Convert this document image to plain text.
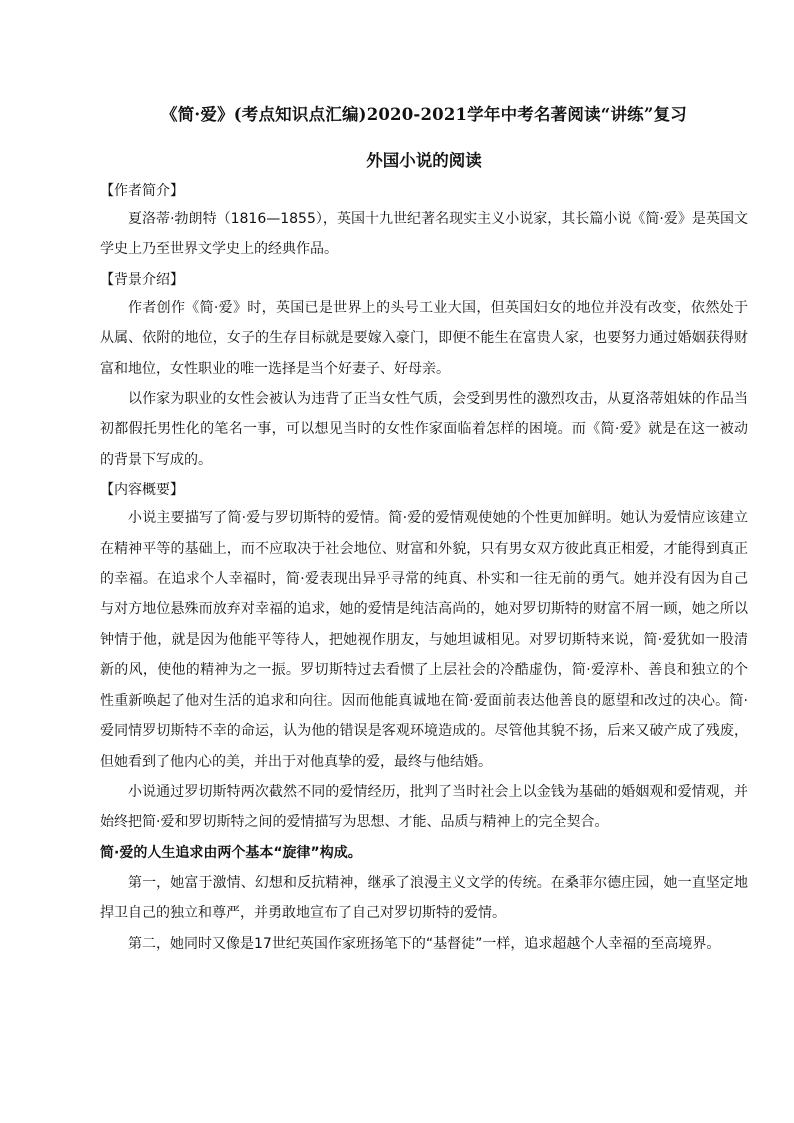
《简·爱》(考点知识点汇编)2020-2021学年中考名著阅读“讲练”复习
外国小说的阅读

【作者简介】

夏洛蒂·勃朗特（1816—1855），英国十九世纪著名现实主义小说家，其长篇小说《简·爱》是英国文学史上乃至世界文学史上的经典作品。

【背景介绍】

作者创作《简·爱》时，英国已是世界上的头号工业大国，但英国妇女的地位并没有改变，依然处于从属、依附的地位，女子的生存目标就是要嫁入豪门，即便不能生在富贵人家，也要努力通过婚姻获得财富和地位，女性职业的唯一选择是当个好妻子、好母亲。

以作家为职业的女性会被认为违背了正当女性气质，会受到男性的激烈攻击，从夏洛蒂姐妹的作品当初都假托男性化的笔名一事，可以想见当时的女性作家面临着怎样的困境。而《简·爱》就是在这一被动的背景下写成的。

【内容概要】

小说主要描写了简·爱与罗切斯特的爱情。简·爱的爱情观使她的个性更加鲜明。她认为爱情应该建立在精神平等的基础上，而不应取决于社会地位、财富和外貌，只有男女双方彼此真正相爱，才能得到真正的幸福。在追求个人幸福时，简·爱表现出异乎寻常的纯真、朴实和一往无前的勇气。她并没有因为自己与对方地位悬殊而放弃对幸福的追求，她的爱情是纯洁高尚的，她对罗切斯特的财富不屑一顾，她之所以钟情于他，就是因为他能平等待人，把她视作朋友，与她坦诚相见。对罗切斯特来说，简·爱犹如一股清新的风，使他的精神为之一振。罗切斯特过去看惯了上层社会的冷酷虚伪，简·爱淳朴、善良和独立的个性重新唤起了他对生活的追求和向往。因而他能真诚地在简·爱面前表达他善良的愿望和改过的决心。简·爱同情罗切斯特不幸的命运，认为他的错误是客观环境造成的。尽管他其貌不扬，后来又破产成了残废，但她看到了他内心的美，并出于对他真挚的爱，最终与他结婚。

小说通过罗切斯特两次截然不同的爱情经历，批判了当时社会上以金钱为基础的婚姻观和爱情观，并始终把简·爱和罗切斯特之间的爱情描写为思想、才能、品质与精神上的完全契合。

简·爱的人生追求由两个基本“旋律”构成。

第一，她富于激情、幻想和反抗精神，继承了浪漫主义文学的传统。在桑菲尔德庄园，她一直坚定地捍卫自己的独立和尊严，并勇敢地宣布了自己对罗切斯特的爱情。

第二，她同时又像是17世纪英国作家班扬笔下的“基督徒”一样，追求超越个人幸福的至高境界。
